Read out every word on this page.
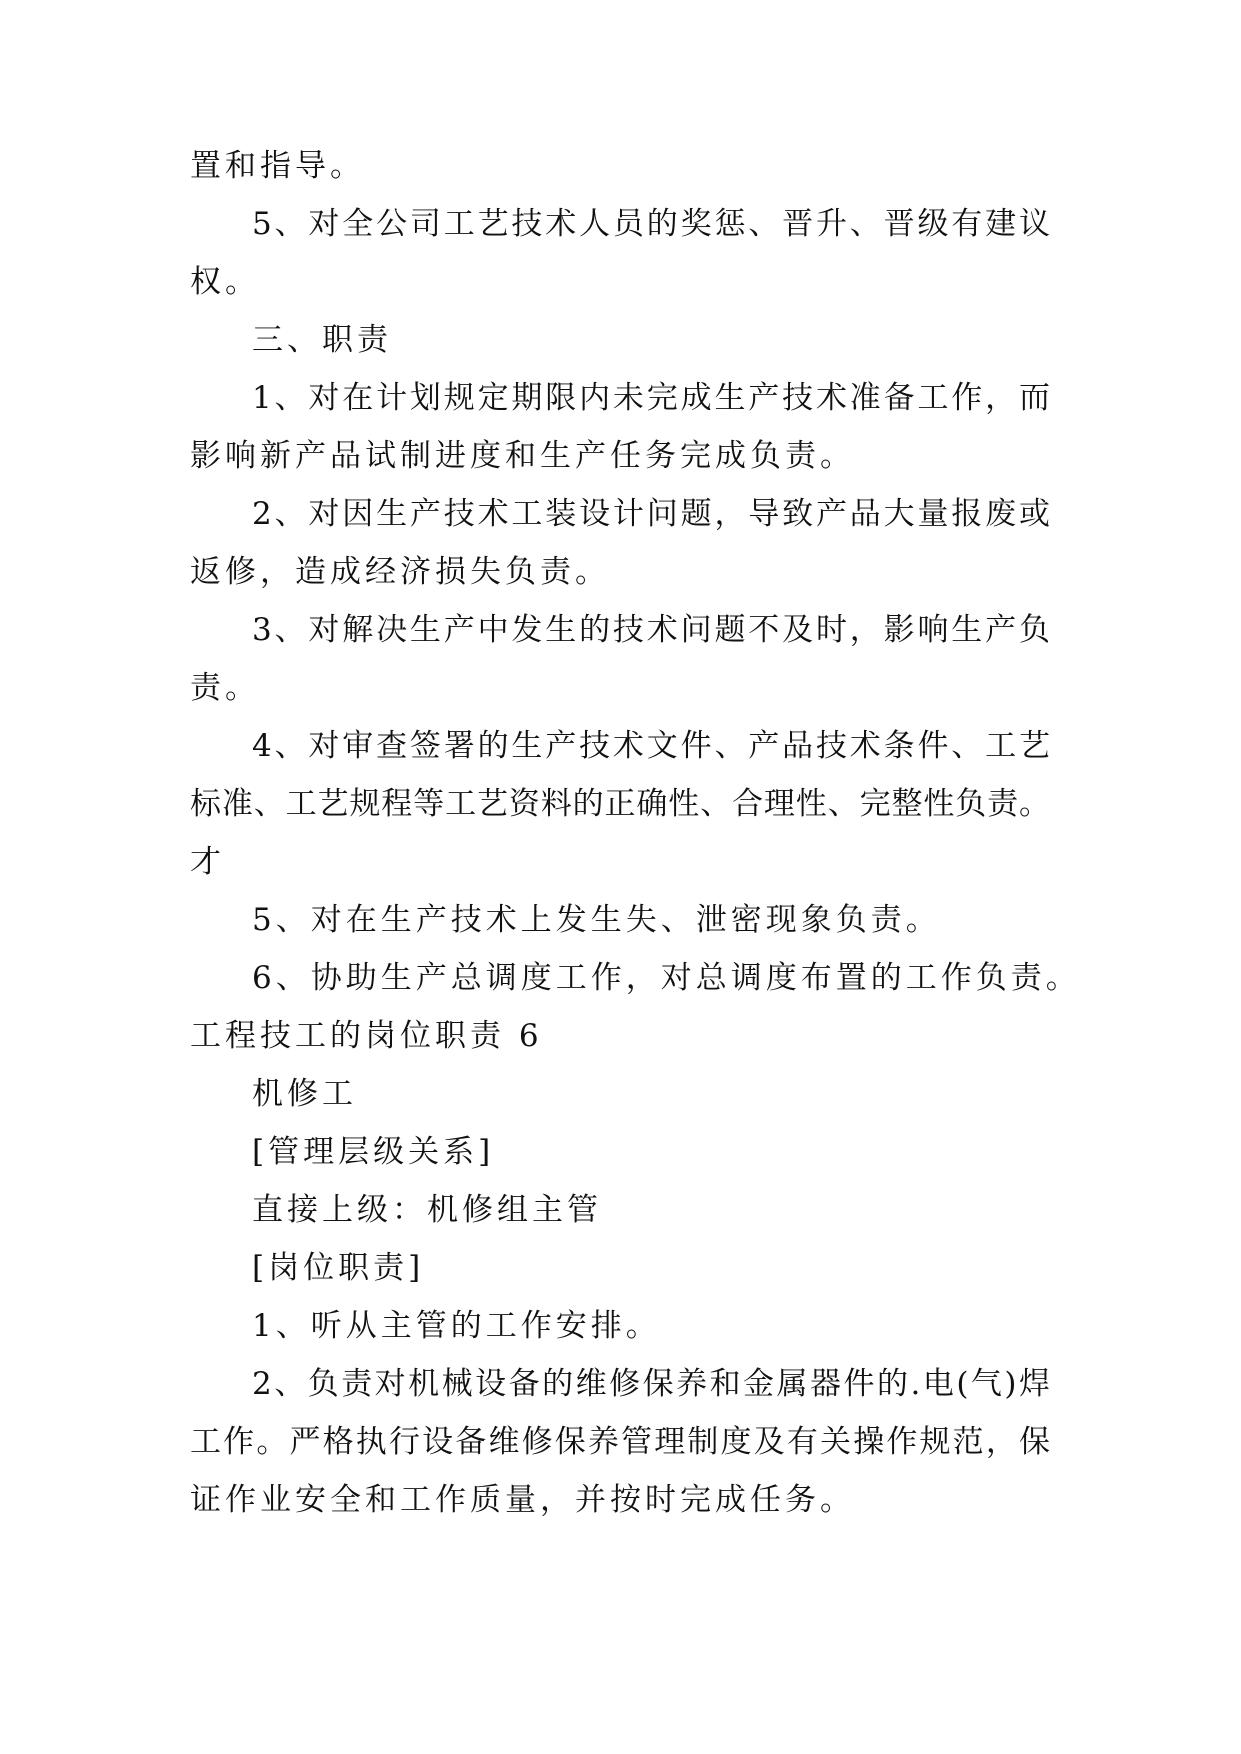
置和指导。
5、对全公司工艺技术人员的奖惩、晋升、晋级有建议
权。
三、职责
1、对在计划规定期限内未完成生产技术准备工作，而
影响新产品试制进度和生产任务完成负责。
2、对因生产技术工装设计问题，导致产品大量报废或
返修，造成经济损失负责。
3、对解决生产中发生的技术问题不及时，影响生产负
责。
4、对审查签署的生产技术文件、产品技术条件、工艺
标准、工艺规程等工艺资料的正确性、合理性、完整性负责。
才
5、对在生产技术上发生失、泄密现象负责。
6、协助生产总调度工作，对总调度布置的工作负责。
工程技工的岗位职责 6
机修工
[管理层级关系]
直接上级：机修组主管
[岗位职责]
1、听从主管的工作安排。
2、负责对机械设备的维修保养和金属器件的.电(气)焊
工作。严格执行设备维修保养管理制度及有关操作规范，保
证作业安全和工作质量，并按时完成任务。
